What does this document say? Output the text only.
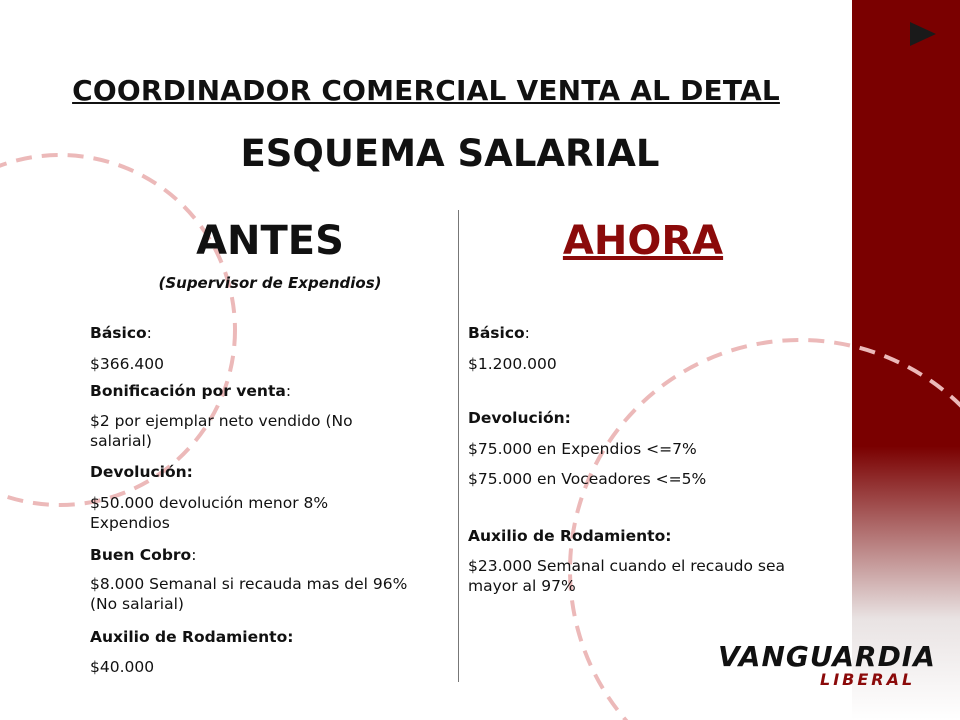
COORDINADOR COMERCIAL VENTA AL DETAL
ESQUEMA SALARIAL
ANTES
(Supervisor de Expendios)
AHORA
Básico:
$366.400
Bonificación por venta:
$2 por ejemplar neto vendido (No salarial)
Devolución:
$50.000 devolución menor 8% Expendios
Buen Cobro:
$8.000 Semanal si recauda mas del 96% (No salarial)
Auxilio de Rodamiento:
$40.000
Básico:
$1.200.000
Devolución:
$75.000 en Expendios <=7%
$75.000 en Voceadores <=5%
Auxilio de Rodamiento:
$23.000 Semanal cuando el recaudo sea mayor al 97%
VANGUARDIA
LIBERAL
